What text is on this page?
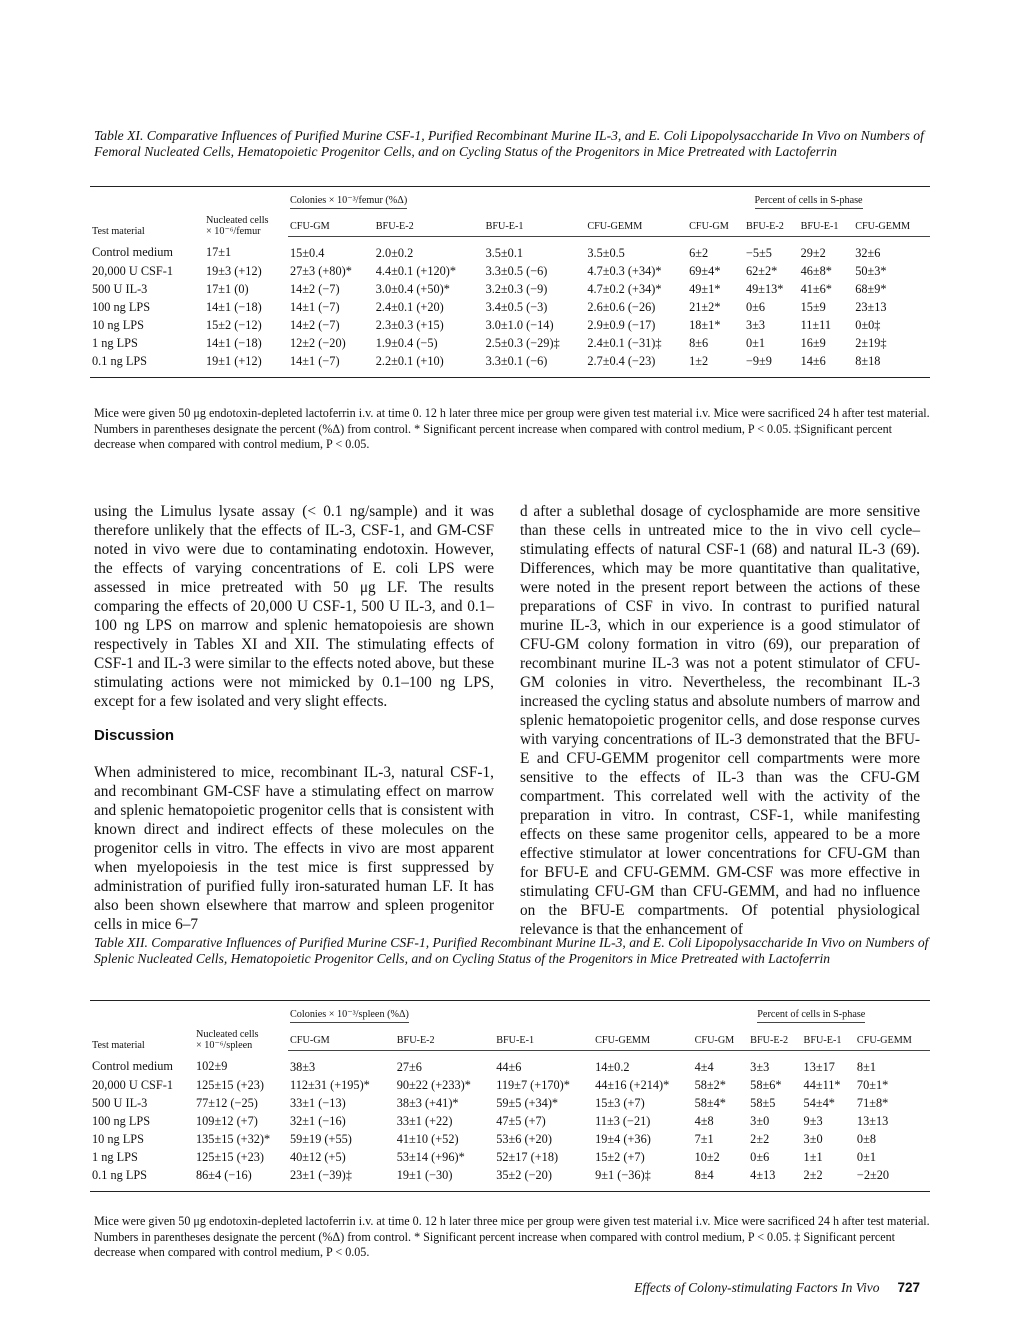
Table XI. Comparative Influences of Purified Murine CSF-1, Purified Recombinant Murine IL-3, and E. Coli Lipopolysaccharide In Vivo on Numbers of Femoral Nucleated Cells, Hematopoietic Progenitor Cells, and on Cycling Status of the Progenitors in Mice Pretreated with Lactoferrin

Test material	Nucleated cells
× 10⁻⁶/femur	Colonies × 10⁻³/femur (%Δ)				Percent of cells in S-phase			
		CFU-GM	BFU-E-2	BFU-E-1	CFU-GEMM	CFU-GM	BFU-E-2	BFU-E-1	CFU-GEMM
Control medium	17±1	15±0.4	2.0±0.2	3.5±0.1	3.5±0.5	6±2	−5±5	29±2	32±6
20,000 U CSF-1	19±3 (+12)	27±3 (+80)*	4.4±0.1 (+120)*	3.3±0.5 (−6)	4.7±0.3 (+34)*	69±4*	62±2*	46±8*	50±3*
500 U IL-3	17±1 (0)	14±2 (−7)	3.0±0.4 (+50)*	3.2±0.3 (−9)	4.7±0.2 (+34)*	49±1*	49±13*	41±6*	68±9*
100 ng LPS	14±1 (−18)	14±1 (−7)	2.4±0.1 (+20)	3.4±0.5 (−3)	2.6±0.6 (−26)	21±2*	0±6	15±9	23±13
10 ng LPS	15±2 (−12)	14±2 (−7)	2.3±0.3 (+15)	3.0±1.0 (−14)	2.9±0.9 (−17)	18±1*	3±3	11±11	0±0‡
1 ng LPS	14±1 (−18)	12±2 (−20)	1.9±0.4 (−5)	2.5±0.3 (−29)‡	2.4±0.1 (−31)‡	8±6	0±1	16±9	2±19‡
0.1 ng LPS	19±1 (+12)	14±1 (−7)	2.2±0.1 (+10)	3.3±0.1 (−6)	2.7±0.4 (−23)	1±2	−9±9	14±6	8±18

Mice were given 50 μg endotoxin-depleted lactoferrin i.v. at time 0. 12 h later three mice per group were given test material i.v. Mice were sacrificed 24 h after test material. Numbers in parentheses designate the percent (%Δ) from control. * Significant percent increase when compared with control medium, P < 0.05. ‡Significant percent decrease when compared with control medium, P < 0.05.

using the Limulus lysate assay (< 0.1 ng/sample) and it was therefore unlikely that the effects of IL-3, CSF-1, and GM-CSF noted in vivo were due to contaminating endotoxin. However, the effects of varying concentrations of E. coli LPS were assessed in mice pretreated with 50 μg LF. The results comparing the effects of 20,000 U CSF-1, 500 U IL-3, and 0.1–100 ng LPS on marrow and splenic hematopoiesis are shown respectively in Tables XI and XII. The stimulating effects of CSF-1 and IL-3 were similar to the effects noted above, but these stimulating actions were not mimicked by 0.1–100 ng LPS, except for a few isolated and very slight effects.

Discussion

When administered to mice, recombinant IL-3, natural CSF-1, and recombinant GM-CSF have a stimulating effect on marrow and splenic hematopoietic progenitor cells that is consistent with known direct and indirect effects of these molecules on the progenitor cells in vitro. The effects in vivo are most apparent when myelopoiesis in the test mice is first suppressed by administration of purified fully iron-saturated human LF. It has also been shown elsewhere that marrow and spleen progenitor cells in mice 6–7

d after a sublethal dosage of cyclosphamide are more sensitive than these cells in untreated mice to the in vivo cell cycle–stimulating effects of natural CSF-1 (68) and natural IL-3 (69). Differences, which may be more quantitative than qualitative, were noted in the present report between the actions of these preparations of CSF in vivo. In contrast to purified natural murine IL-3, which in our experience is a good stimulator of CFU-GM colony formation in vitro (69), our preparation of recombinant murine IL-3 was not a potent stimulator of CFU-GM colonies in vitro. Nevertheless, the recombinant IL-3 increased the cycling status and absolute numbers of marrow and splenic hematopoietic progenitor cells, and dose response curves with varying concentrations of IL-3 demonstrated that the BFU-E and CFU-GEMM progenitor cell compartments were more sensitive to the effects of IL-3 than was the CFU-GM compartment. This correlated well with the activity of the preparation in vitro. In contrast, CSF-1, while manifesting effects on these same progenitor cells, appeared to be a more effective stimulator at lower concentrations for CFU-GM than for BFU-E and CFU-GEMM. GM-CSF was more effective in stimulating CFU-GM than CFU-GEMM, and had no influence on the BFU-E compartments. Of potential physiological relevance is that the enhancement of

Table XII. Comparative Influences of Purified Murine CSF-1, Purified Recombinant Murine IL-3, and E. Coli Lipopolysaccharide In Vivo on Numbers of Splenic Nucleated Cells, Hematopoietic Progenitor Cells, and on Cycling Status of the Progenitors in Mice Pretreated with Lactoferrin

Test material	Nucleated cells
× 10⁻⁶/spleen	Colonies × 10⁻³/spleen (%Δ)				Percent of cells in S-phase			
		CFU-GM	BFU-E-2	BFU-E-1	CFU-GEMM	CFU-GM	BFU-E-2	BFU-E-1	CFU-GEMM
Control medium	102±9	38±3	27±6	44±6	14±0.2	4±4	3±3	13±17	8±1
20,000 U CSF-1	125±15 (+23)	112±31 (+195)*	90±22 (+233)*	119±7 (+170)*	44±16 (+214)*	58±2*	58±6*	44±11*	70±1*
500 U IL-3	77±12 (−25)	33±1 (−13)	38±3 (+41)*	59±5 (+34)*	15±3 (+7)	58±4*	58±5	54±4*	71±8*
100 ng LPS	109±12 (+7)	32±1 (−16)	33±1 (+22)	47±5 (+7)	11±3 (−21)	4±8	3±0	9±3	13±13
10 ng LPS	135±15 (+32)*	59±19 (+55)	41±10 (+52)	53±6 (+20)	19±4 (+36)	7±1	2±2	3±0	0±8
1 ng LPS	125±15 (+23)	40±12 (+5)	53±14 (+96)*	52±17 (+18)	15±2 (+7)	10±2	0±6	1±1	0±1
0.1 ng LPS	86±4 (−16)	23±1 (−39)‡	19±1 (−30)	35±2 (−20)	9±1 (−36)‡	8±4	4±13	2±2	−2±20

Mice were given 50 μg endotoxin-depleted lactoferrin i.v. at time 0. 12 h later three mice per group were given test material i.v. Mice were sacrificed 24 h after test material. Numbers in parentheses designate the percent (%Δ) from control. * Significant percent increase when compared with control medium, P < 0.05. ‡ Significant percent decrease when compared with control medium, P < 0.05.

Effects of Colony-stimulating Factors In Vivo 727
